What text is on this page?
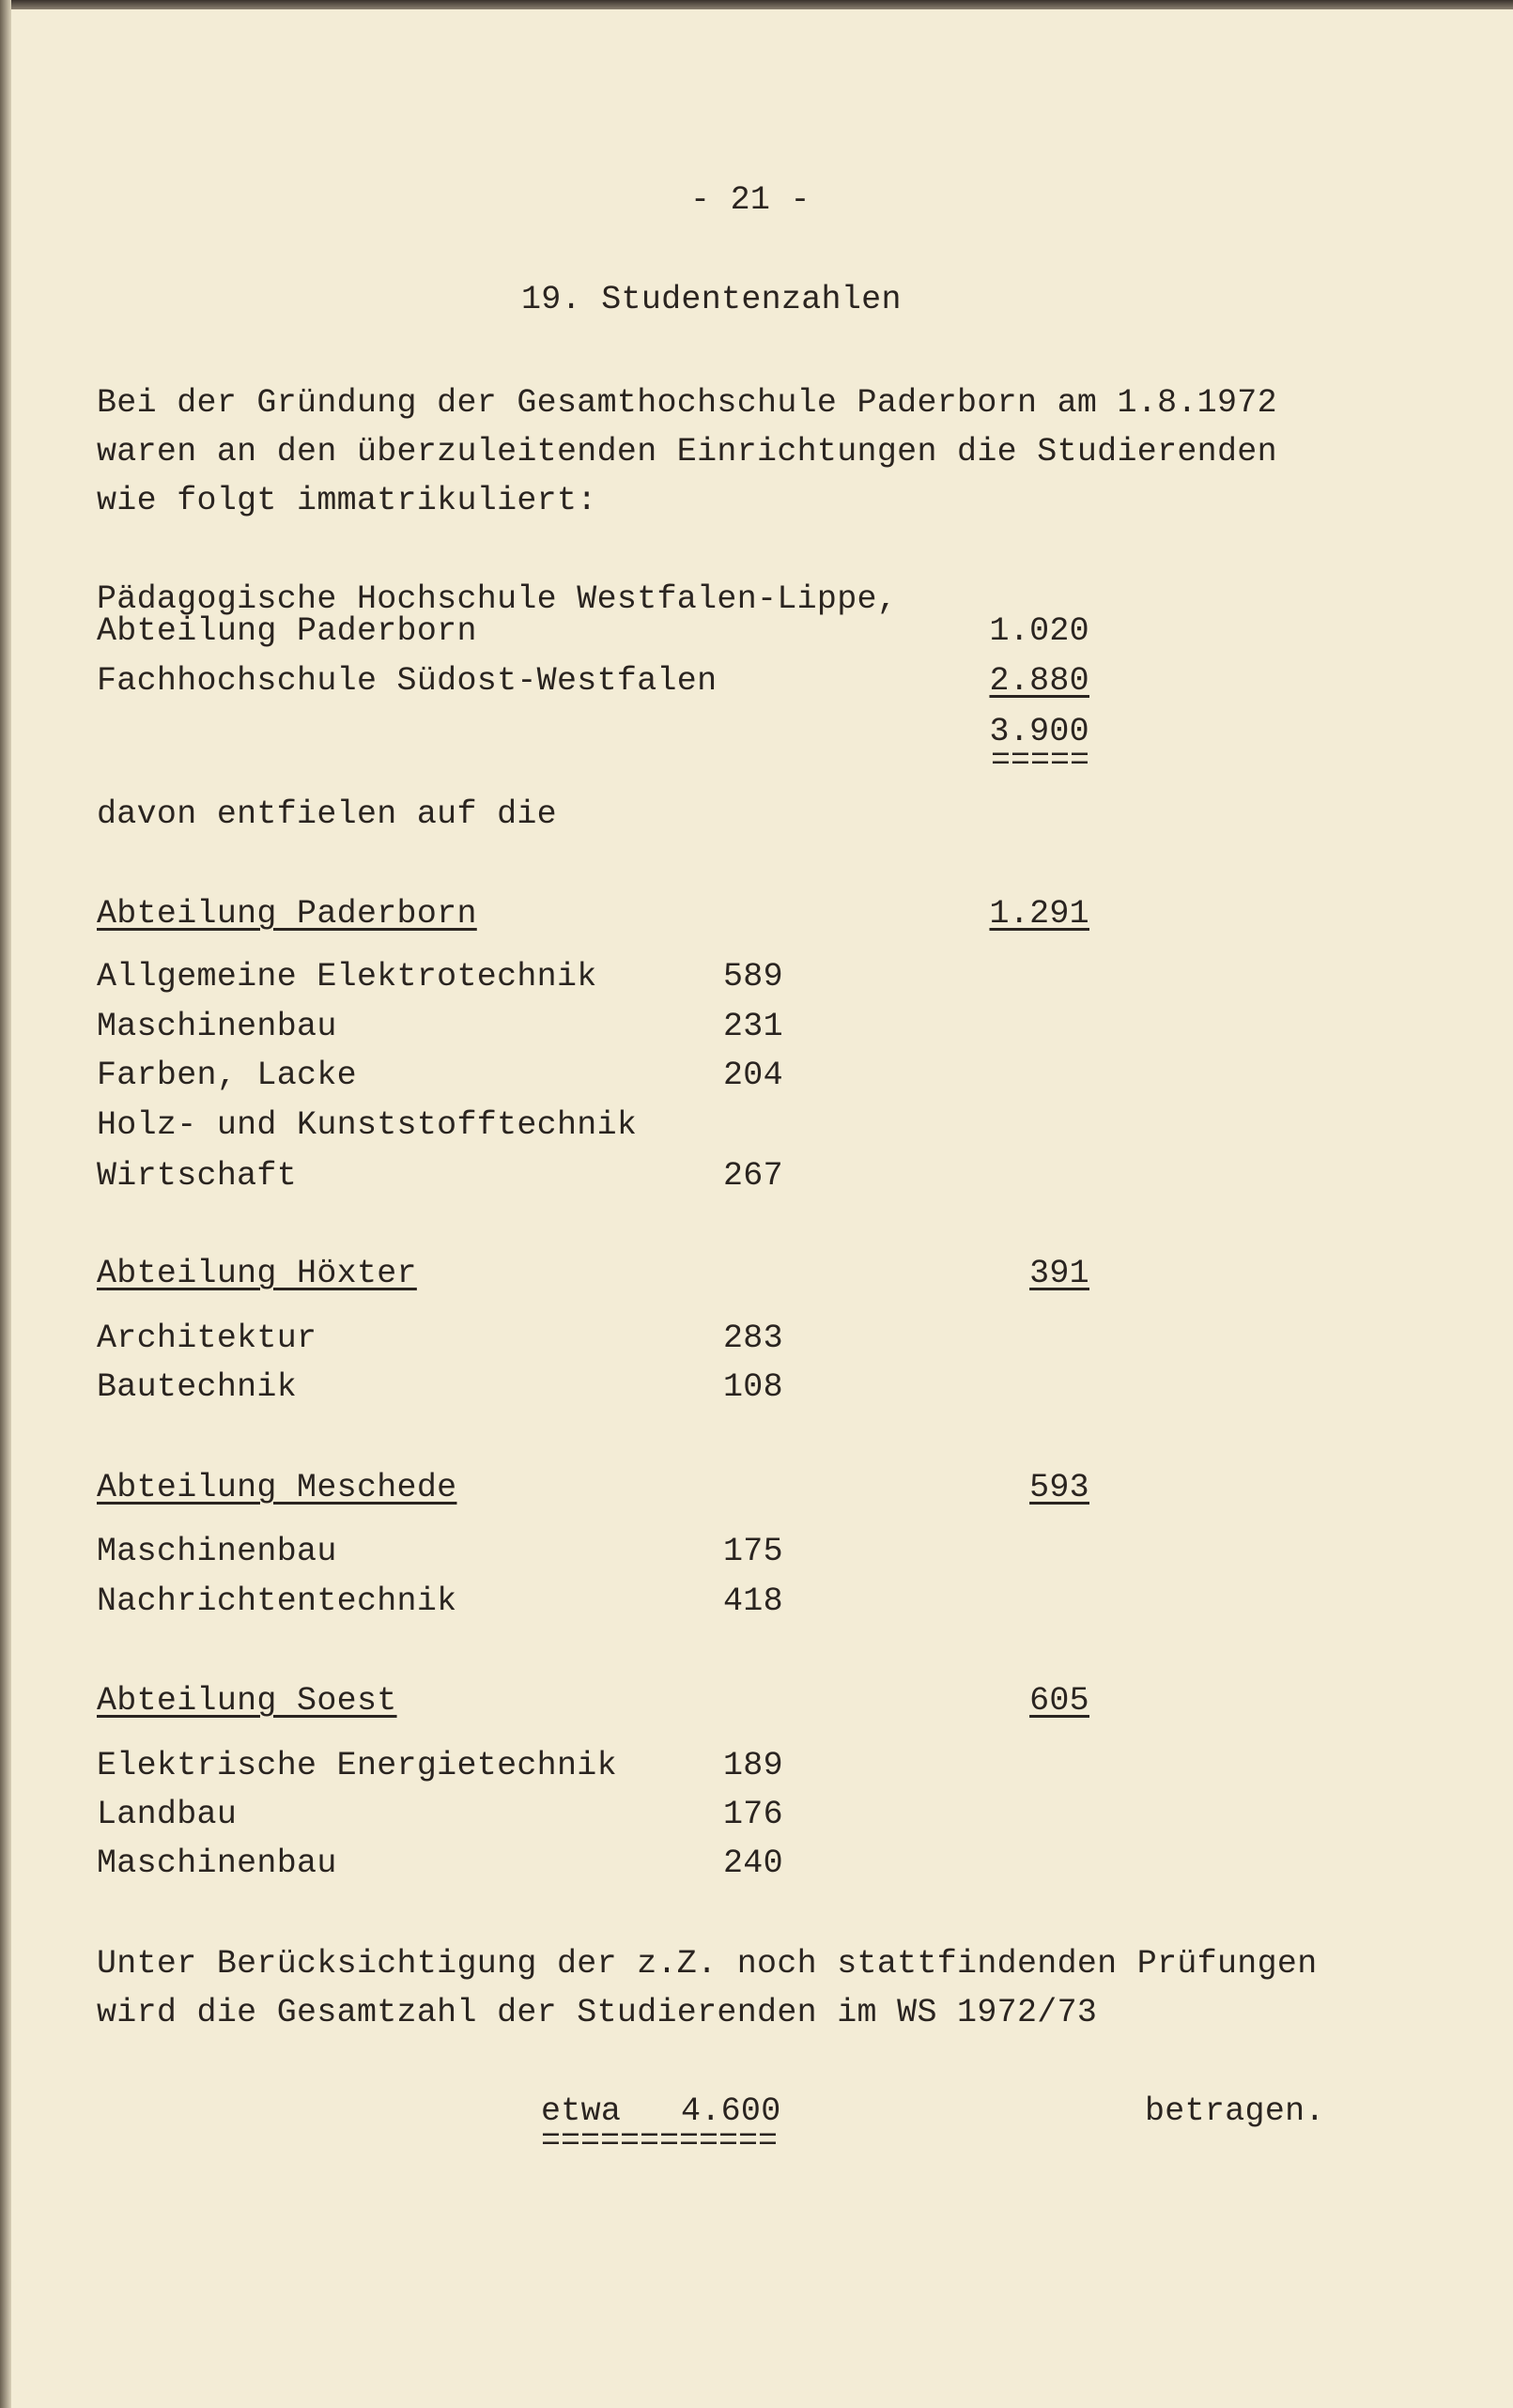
- 21 -
19. Studentenzahlen
Bei der Gründung der Gesamthochschule Paderborn am 1.8.1972
waren an den überzuleitenden Einrichtungen die Studierenden
wie folgt immatrikuliert:
Pädagogische Hochschule Westfalen-Lippe,
Abteilung Paderborn	1.020
Fachhochschule Südost-Westfalen	2.880
3.900
=====
davon entfielen auf die
Abteilung Paderborn	1.291
Allgemeine Elektrotechnik	589
Maschinenbau	231
Farben, Lacke	204
Holz- und Kunststofftechnik
Wirtschaft	267
Abteilung Höxter	391
Architektur	283
Bautechnik	108
Abteilung Meschede	593
Maschinenbau	175
Nachrichtentechnik	418
Abteilung Soest	605
Elektrische Energietechnik	189
Landbau	176
Maschinenbau	240
Unter Berücksichtigung der z.Z. noch stattfindenden Prüfungen
wird die Gesamtzahl der Studierenden im WS 1972/73
etwa 4.600	betragen.
============
